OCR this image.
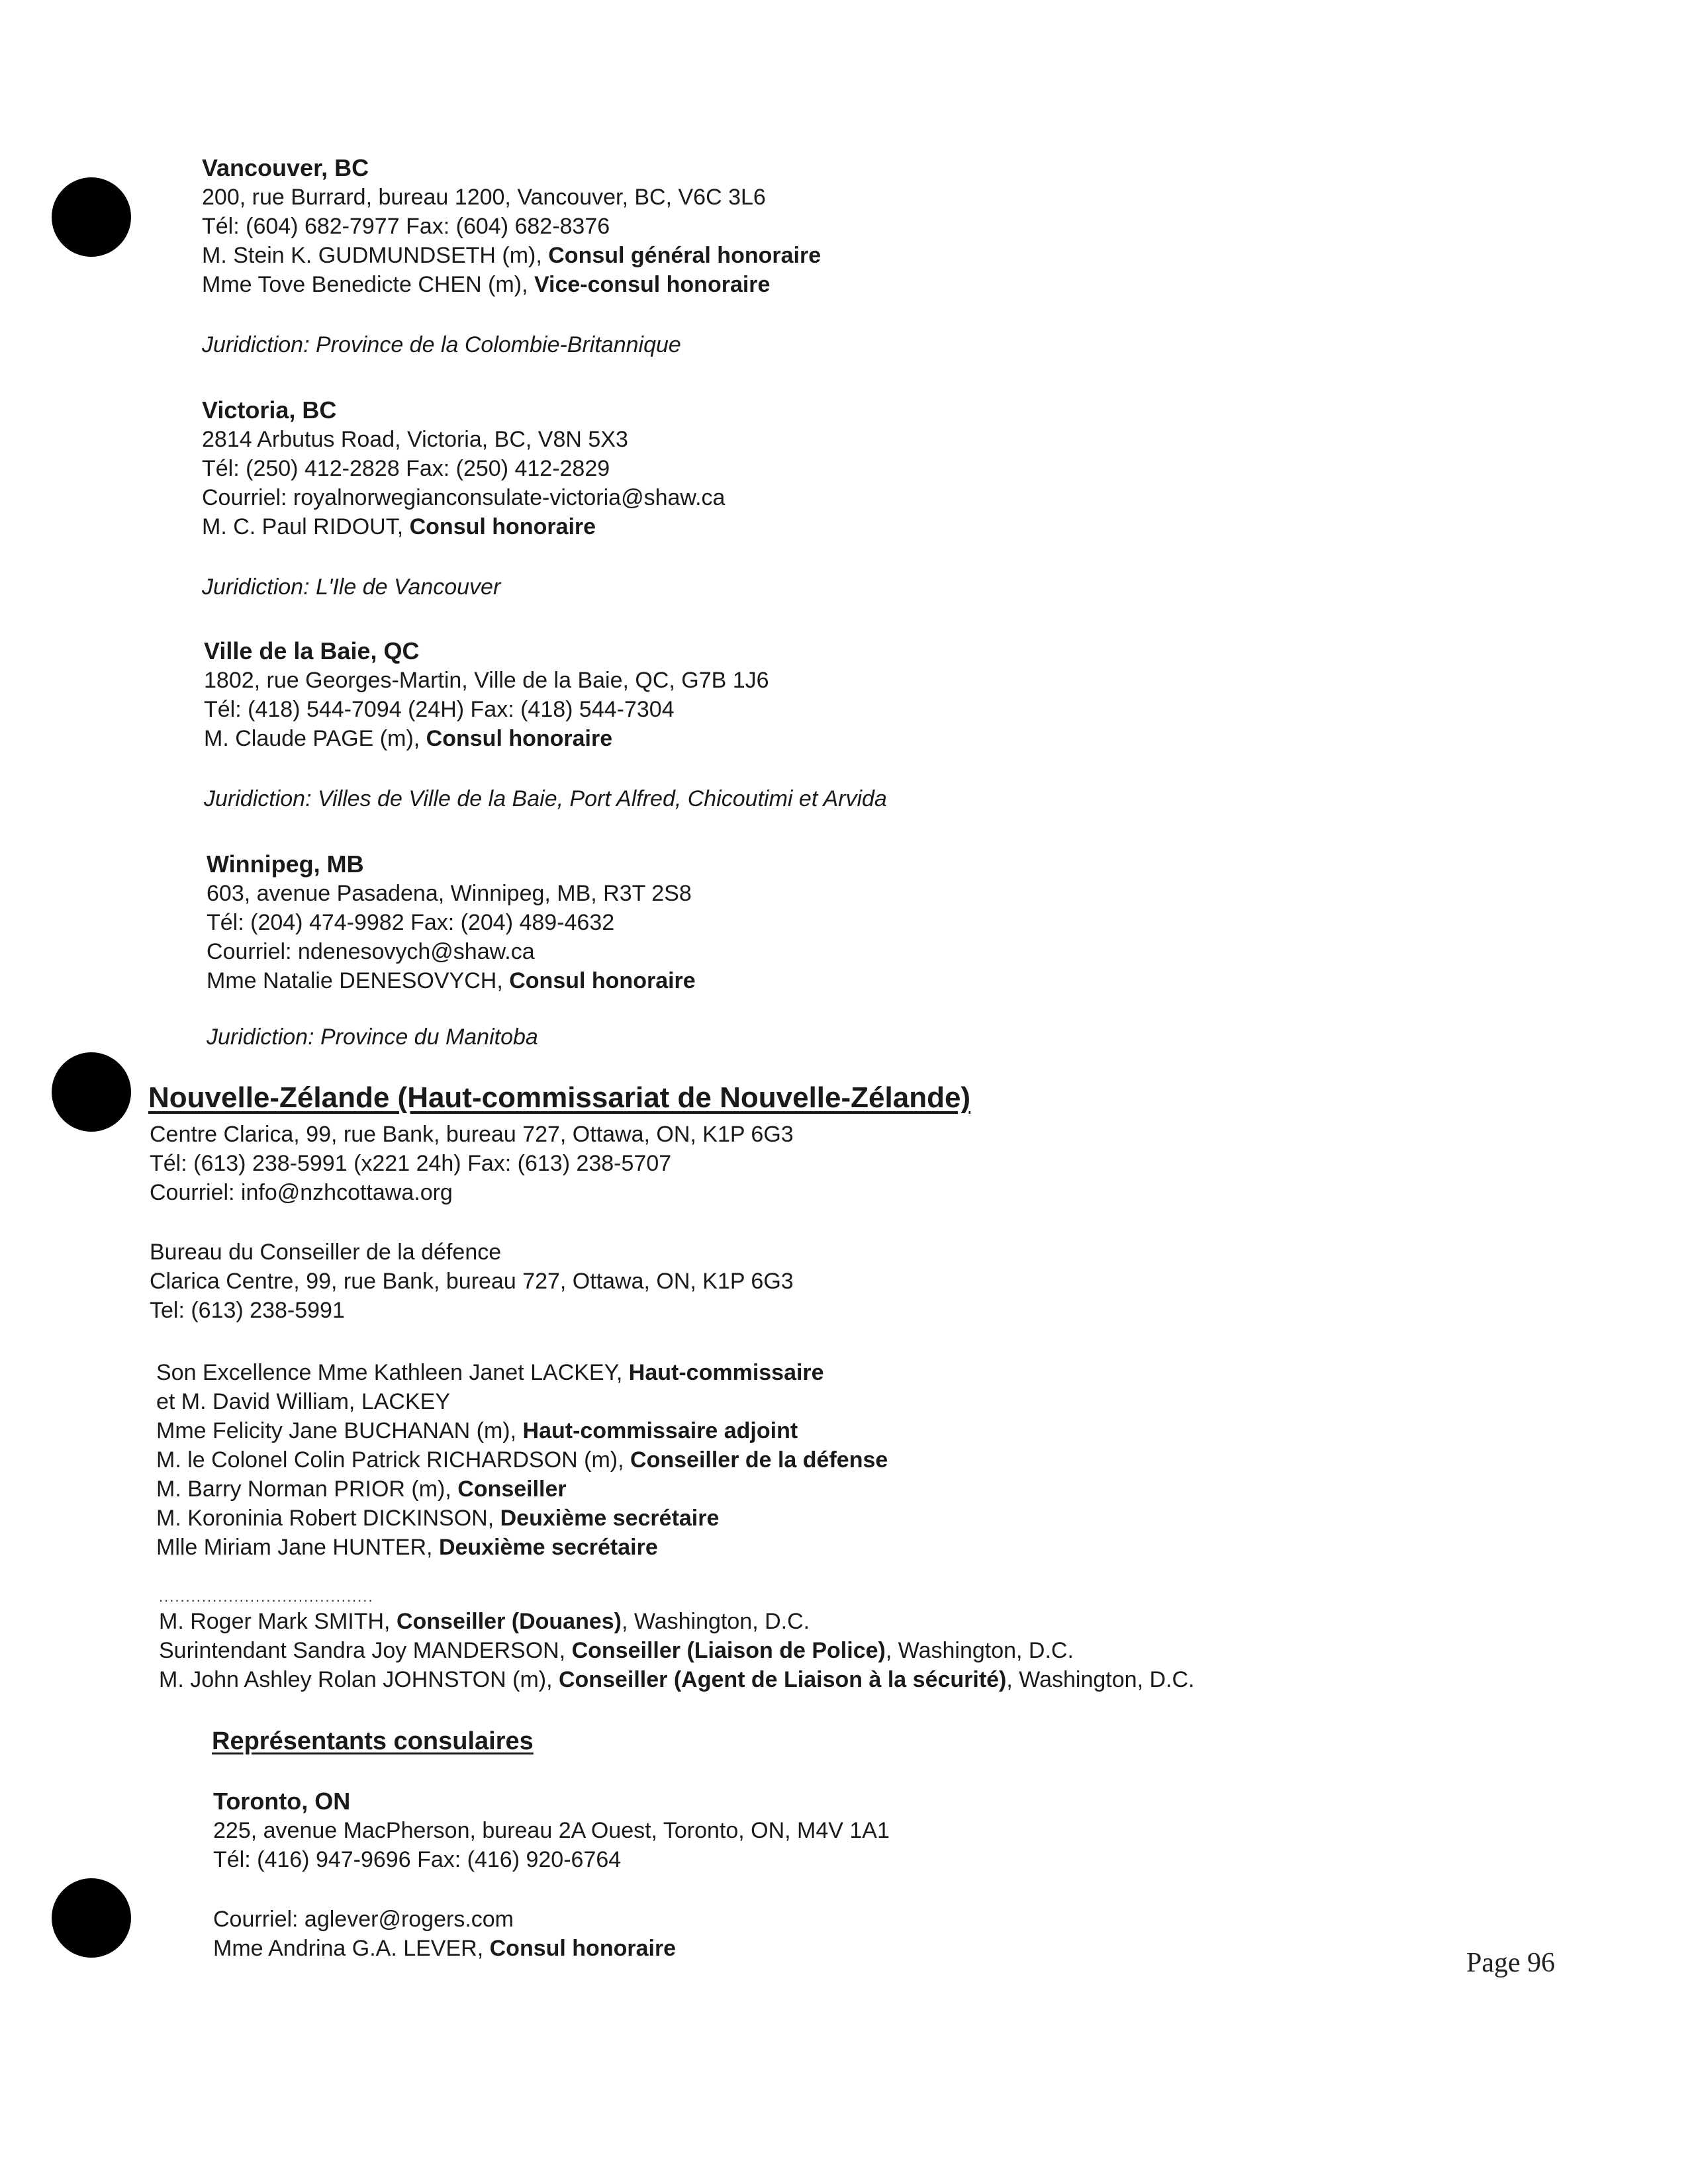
Vancouver, BC
200, rue Burrard, bureau 1200, Vancouver, BC, V6C 3L6
Tél: (604) 682-7977 Fax: (604) 682-8376
M. Stein K. GUDMUNDSETH (m), Consul général honoraire
Mme Tove Benedicte CHEN (m), Vice-consul honoraire
Juridiction: Province de la Colombie-Britannique
Victoria, BC
2814 Arbutus Road, Victoria, BC, V8N 5X3
Tél: (250) 412-2828 Fax: (250) 412-2829
Courriel: royalnorwegianconsulate-victoria@shaw.ca
M. C. Paul RIDOUT, Consul honoraire
Juridiction: L'Ile de Vancouver
Ville de la Baie, QC
1802, rue Georges-Martin, Ville de la Baie, QC, G7B 1J6
Tél: (418) 544-7094 (24H) Fax: (418) 544-7304
M. Claude PAGE (m), Consul honoraire
Juridiction: Villes de Ville de la Baie, Port Alfred, Chicoutimi et Arvida
Winnipeg, MB
603, avenue Pasadena, Winnipeg, MB, R3T 2S8
Tél: (204) 474-9982 Fax: (204) 489-4632
Courriel: ndenesovych@shaw.ca
Mme Natalie DENESOVYCH, Consul honoraire
Juridiction: Province du Manitoba
Nouvelle-Zélande (Haut-commissariat de Nouvelle-Zélande)
Centre Clarica, 99, rue Bank, bureau 727, Ottawa, ON, K1P 6G3
Tél: (613) 238-5991 (x221 24h) Fax: (613) 238-5707
Courriel: info@nzhcottawa.org
Bureau du Conseiller de la défence
Clarica Centre, 99, rue Bank, bureau 727, Ottawa, ON, K1P 6G3
Tel: (613) 238-5991
Son Excellence Mme Kathleen Janet LACKEY, Haut-commissaire
et M. David William, LACKEY
Mme Felicity Jane BUCHANAN (m), Haut-commissaire adjoint
M. le Colonel Colin Patrick RICHARDSON (m), Conseiller de la défense
M. Barry Norman PRIOR (m), Conseiller
M. Koroninia Robert DICKINSON, Deuxième secrétaire
Mlle Miriam Jane HUNTER, Deuxième secrétaire
........................................
M. Roger Mark SMITH, Conseiller (Douanes), Washington, D.C.
Surintendant Sandra Joy MANDERSON, Conseiller (Liaison de Police), Washington, D.C.
M. John Ashley Rolan JOHNSTON (m), Conseiller (Agent de Liaison à la sécurité), Washington, D.C.
Représentants consulaires
Toronto, ON
225, avenue MacPherson, bureau 2A Ouest, Toronto, ON, M4V 1A1
Tél: (416) 947-9696 Fax: (416) 920-6764
Courriel: aglever@rogers.com
Mme Andrina G.A. LEVER, Consul honoraire	Page 96
